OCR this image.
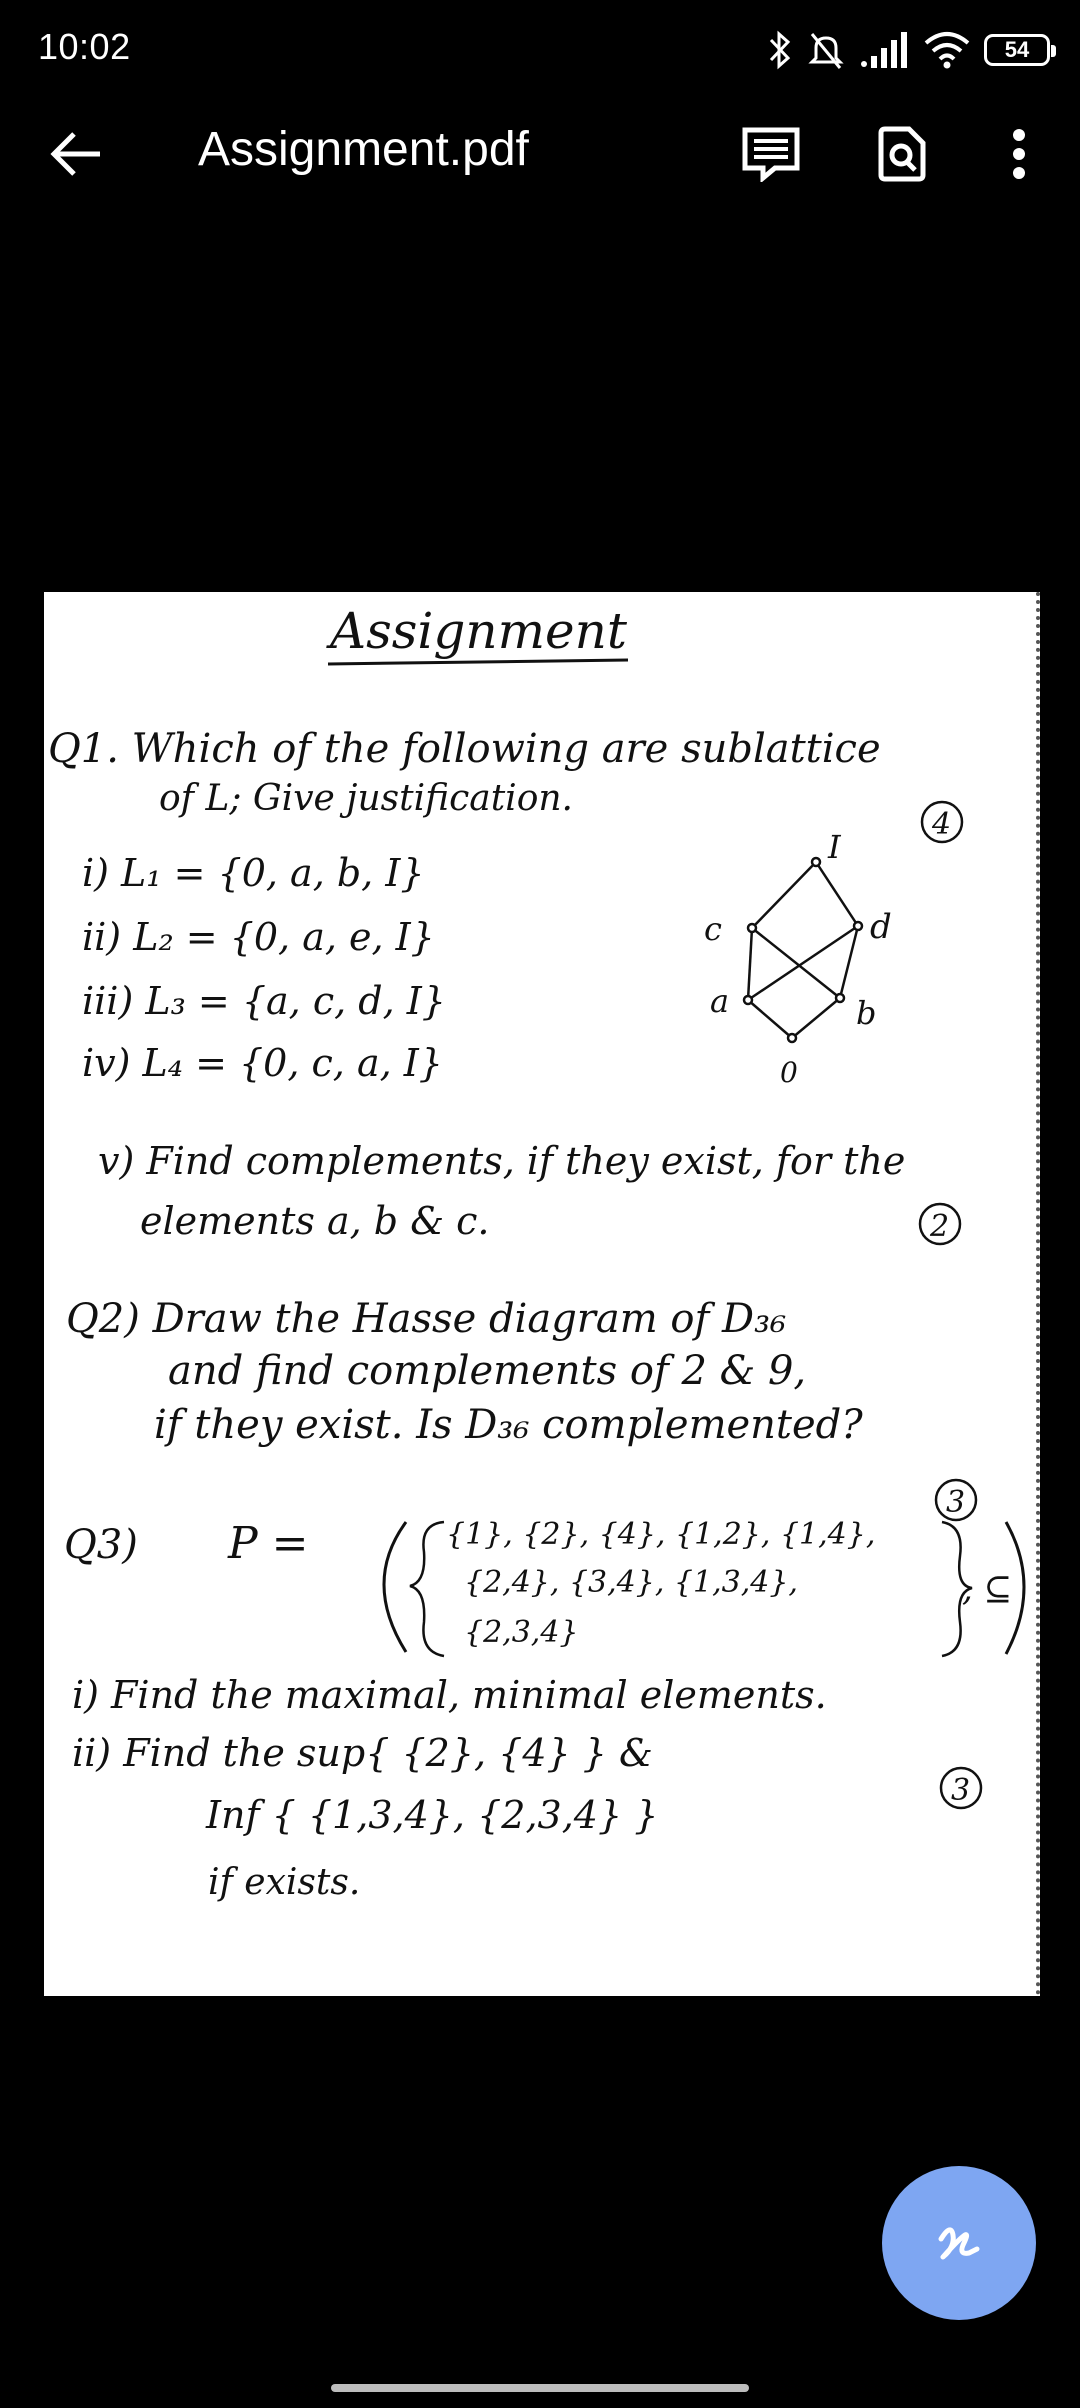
10:02	54
Assignment.pdf
Assignment
Q1. Which of the following are sublattice
of L; Give justification.
4
i) L₁ = {0, a, b, I}
ii) L₂ = {0, a, e, I}
iii) L₃ = {a, c, d, I}
iv) L₄ = {0, c, a, I}
I
c	d
a	b
0
v) Find complements, if they exist, for the
elements a, b & c.	2
Q2) Draw the Hasse diagram of D₃₆
and find complements of 2 & 9,
if they exist. Is D₃₆ complemented?
3
Q3) P =	{1}, {2}, {4}, {1,2}, {1,4},
{2,4}, {3,4}, {1,3,4},
{2,3,4}
, ⊆
i) Find the maximal, minimal elements.
ii) Find the sup{ {2}, {4} } &
3
Inf { {1,3,4}, {2,3,4} }
if exists.
